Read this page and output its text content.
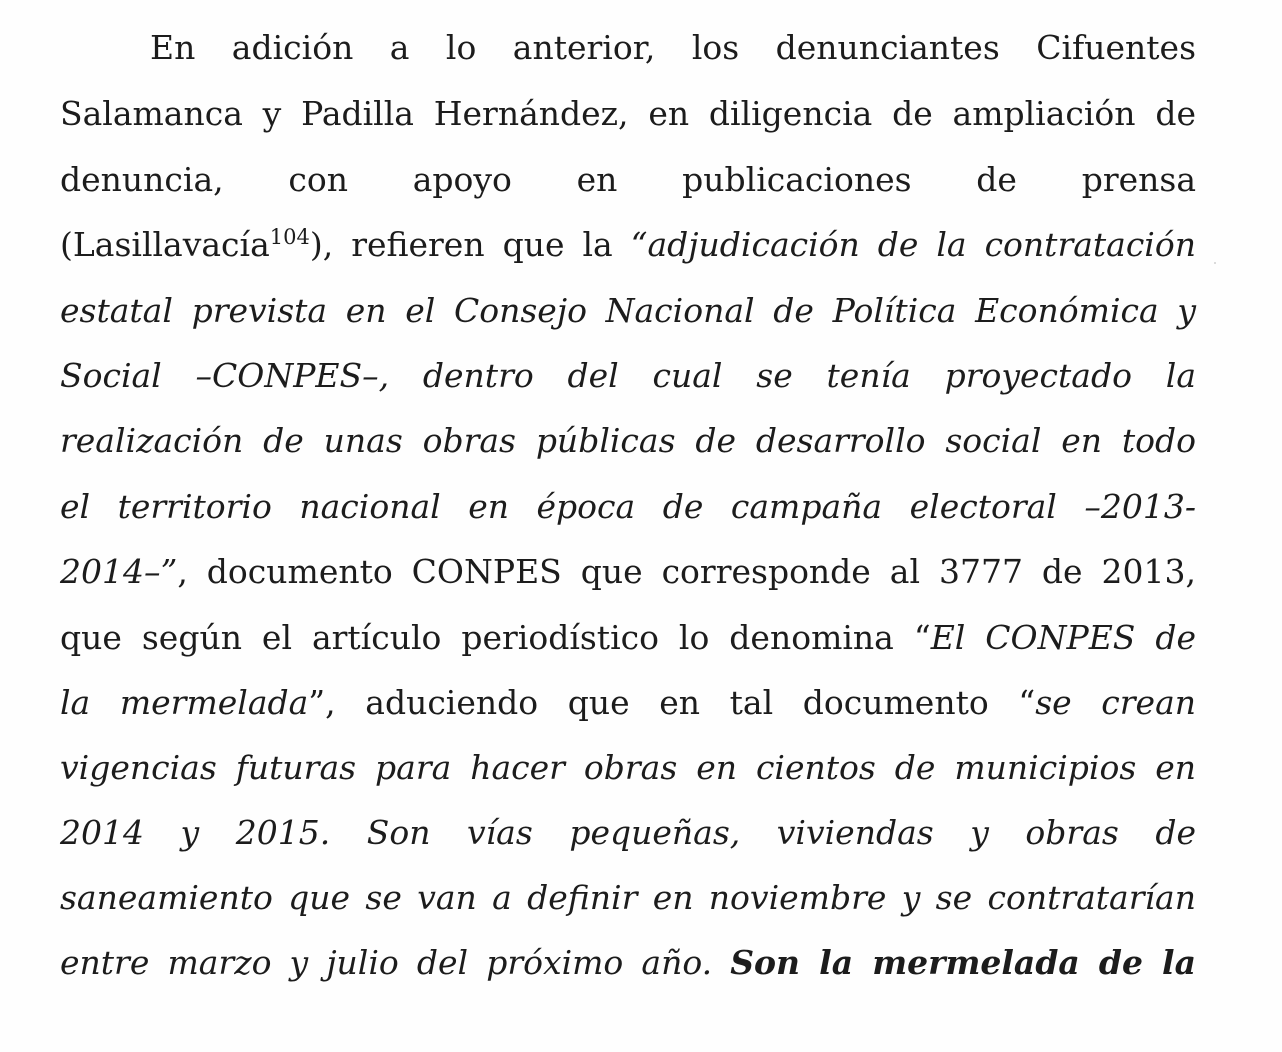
En adición a lo anterior, los denunciantes Cifuentes
Salamanca y Padilla Hernández, en diligencia de ampliación de
denuncia, con apoyo en publicaciones de prensa
(Lasillavacía$^{104}$), refieren que la “adjudicación de la contratación
estatal prevista en el Consejo Nacional de Política Económica y
Social –CONPES–, dentro del cual se tenía proyectado la
realización de unas obras públicas de desarrollo social en todo
el territorio nacional en época de campaña electoral –2013-
2014–”, documento CONPES que corresponde al 3777 de 2013,
que según el artículo periodístico lo denomina “El CONPES de
la mermelada”, aduciendo que en tal documento “se crean
vigencias futuras para hacer obras en cientos de municipios en
2014 y 2015. Son vías pequeñas, viviendas y obras de
saneamiento que se van a definir en noviembre y se contratarían
entre marzo y julio del próximo año. Son la mermelada de la
